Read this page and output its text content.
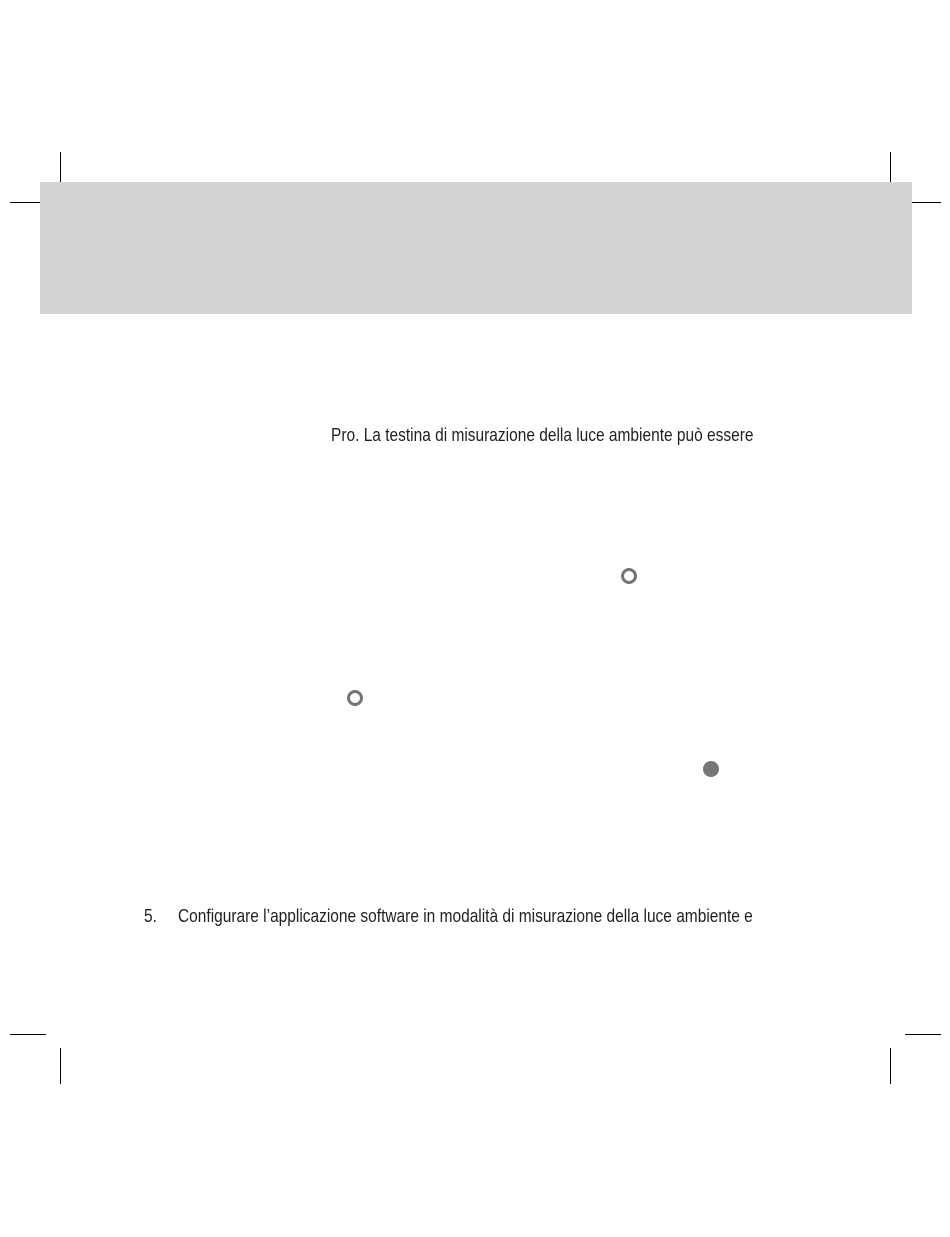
Pro. La testina di misurazione della luce ambiente può essere
5. Configurare l’applicazione software in modalità di misurazione della luce ambiente e
